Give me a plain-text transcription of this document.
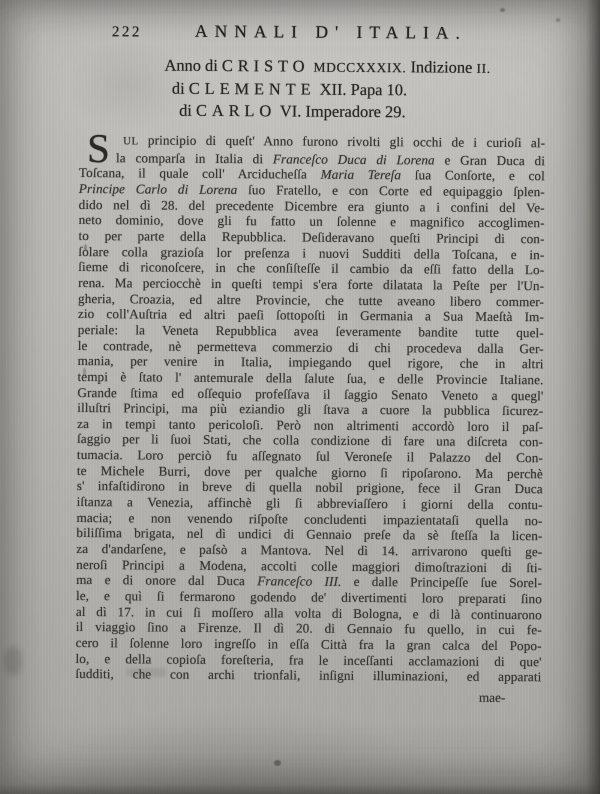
222	ANNALI D' ITALIA.
Anno di CRISTO MDCCXXXIX. Indizione II.
di CLEMENTE XII. Papa 10.
di CARLO VI. Imperadore 29.
S	UL principio di queſt' Anno furono rivolti gli occhi de i curioſi al-
la comparſa in Italia di Franceſco Duca di Lorena e Gran Duca di
Toſcana, il quale coll' Arciducheſſa Maria Tereſa ſua Conſorte, e col
Principe Carlo di Lorena ſuo Fratello, e con Corte ed equipaggio ſplen-
dido nel dì 28. del precedente Dicembre era giunto a i confini del Ve-
neto dominio, dove gli fu fatto un ſolenne e magnifico accoglimen-
to per parte della Repubblica. Deſideravano queſti Principi di con-
ſolare colla grazioſa lor preſenza i nuovi Sudditi della Toſcana, e in-
ſieme di riconoſcere, in che conſiſteſſe il cambio da eſſi fatto della Lo-
rena. Ma perciocchè in queſti tempi s'era forte dilatata la Peſte per l'Un-
gheria, Croazia, ed altre Provincie, che tutte aveano libero commer-
zio coll'Auſtria ed altri paeſi ſottopoſti in Germania a Sua Maeſtà Im-
periale: la Veneta Repubblica avea ſeveramente bandite tutte quel-
le contrade, nè permetteva commerzio di chi procedeva dalla Ger-
mania, per venire in Italia, impiegando quel rigore, che in altri
tempi è ſtato l' antemurale della ſalute ſua, e delle Provincie Italiane.
Grande ſtima ed oſſequio profeſſava il ſaggio Senato Veneto a quegl'
illuſtri Principi, ma più eziandio gli ſtava a cuore la pubblica ſicurez-
za in tempi tanto pericoloſi. Però non altrimenti accordò loro il paſ-
ſaggio per li ſuoi Stati, che colla condizione di fare una diſcreta con-
tumacia. Loro perciò fu aſſegnato ſul Veroneſe il Palazzo del Con-
te Michele Burri, dove per qualche giorno ſi ripoſarono. Ma perchè
s' infaſtidirono in breve di quella nobil prigione, fece il Gran Duca
iſtanza a Venezia, affinchè gli ſi abbreviaſſero i giorni della contu-
macia; e non venendo riſpoſte concludenti impazientataſi quella no-
biliſſima brigata, nel dì undici di Gennaio preſe da sè ſteſſa la licen-
za d'andarſene, e paſsò a Mantova. Nel dì 14. arrivarono queſti ge-
neroſi Principi a Modena, accolti colle maggiori dimoſtrazioni di ſti-
ma e di onore dal Duca Franceſco III. e dalle Principeſſe ſue Sorel-
le, e quì ſi fermarono godendo de' divertimenti loro preparati ſino
al dì 17. in cui ſi moſſero alla volta di Bologna, e di là continuarono
il viaggio ſino a Firenze. Il dì 20. di Gennaio fu quello, in cui fe-
cero il ſolenne loro ingreſſo in eſſa Città fra la gran calca del Popo-
lo, e della copioſa foreſteria, fra le inceſſanti acclamazioni di que'
ſudditi, che con archi trionfali, inſigni illuminazioni, ed apparati
mae-
